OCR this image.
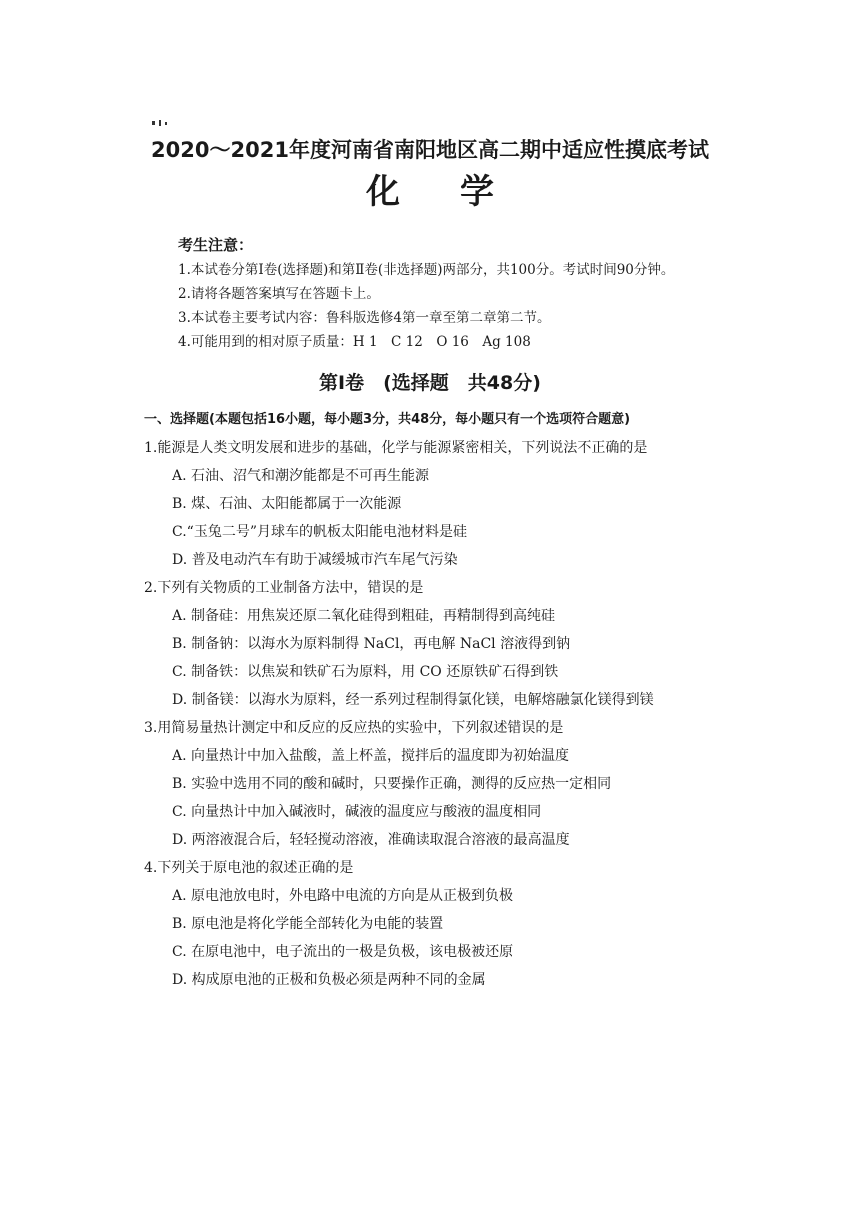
2020～2021年度河南省南阳地区高二期中适应性摸底考试
化学
考生注意：
1.本试卷分第Ⅰ卷(选择题)和第Ⅱ卷(非选择题)两部分，共100分。考试时间90分钟。
2.请将各题答案填写在答题卡上。
3.本试卷主要考试内容：鲁科版选修4第一章至第二章第二节。
4.可能用到的相对原子质量：H 1　C 12　O 16　Ag 108
第Ⅰ卷　(选择题　共48分)
一、选择题(本题包括16小题，每小题3分，共48分，每小题只有一个选项符合题意)
1.能源是人类文明发展和进步的基础，化学与能源紧密相关，下列说法不正确的是
A. 石油、沼气和潮汐能都是不可再生能源
B. 煤、石油、太阳能都属于一次能源
C.“玉兔二号”月球车的帆板太阳能电池材料是硅
D. 普及电动汽车有助于减缓城市汽车尾气污染
2.下列有关物质的工业制备方法中，错误的是
A. 制备硅：用焦炭还原二氧化硅得到粗硅，再精制得到高纯硅
B. 制备钠：以海水为原料制得 NaCl，再电解 NaCl 溶液得到钠
C. 制备铁：以焦炭和铁矿石为原料，用 CO 还原铁矿石得到铁
D. 制备镁：以海水为原料，经一系列过程制得氯化镁，电解熔融氯化镁得到镁
3.用简易量热计测定中和反应的反应热的实验中，下列叙述错误的是
A. 向量热计中加入盐酸，盖上杯盖，搅拌后的温度即为初始温度
B. 实验中选用不同的酸和碱时，只要操作正确，测得的反应热一定相同
C. 向量热计中加入碱液时，碱液的温度应与酸液的温度相同
D. 两溶液混合后，轻轻搅动溶液，准确读取混合溶液的最高温度
4.下列关于原电池的叙述正确的是
A. 原电池放电时，外电路中电流的方向是从正极到负极
B. 原电池是将化学能全部转化为电能的装置
C. 在原电池中，电子流出的一极是负极，该电极被还原
D. 构成原电池的正极和负极必须是两种不同的金属
